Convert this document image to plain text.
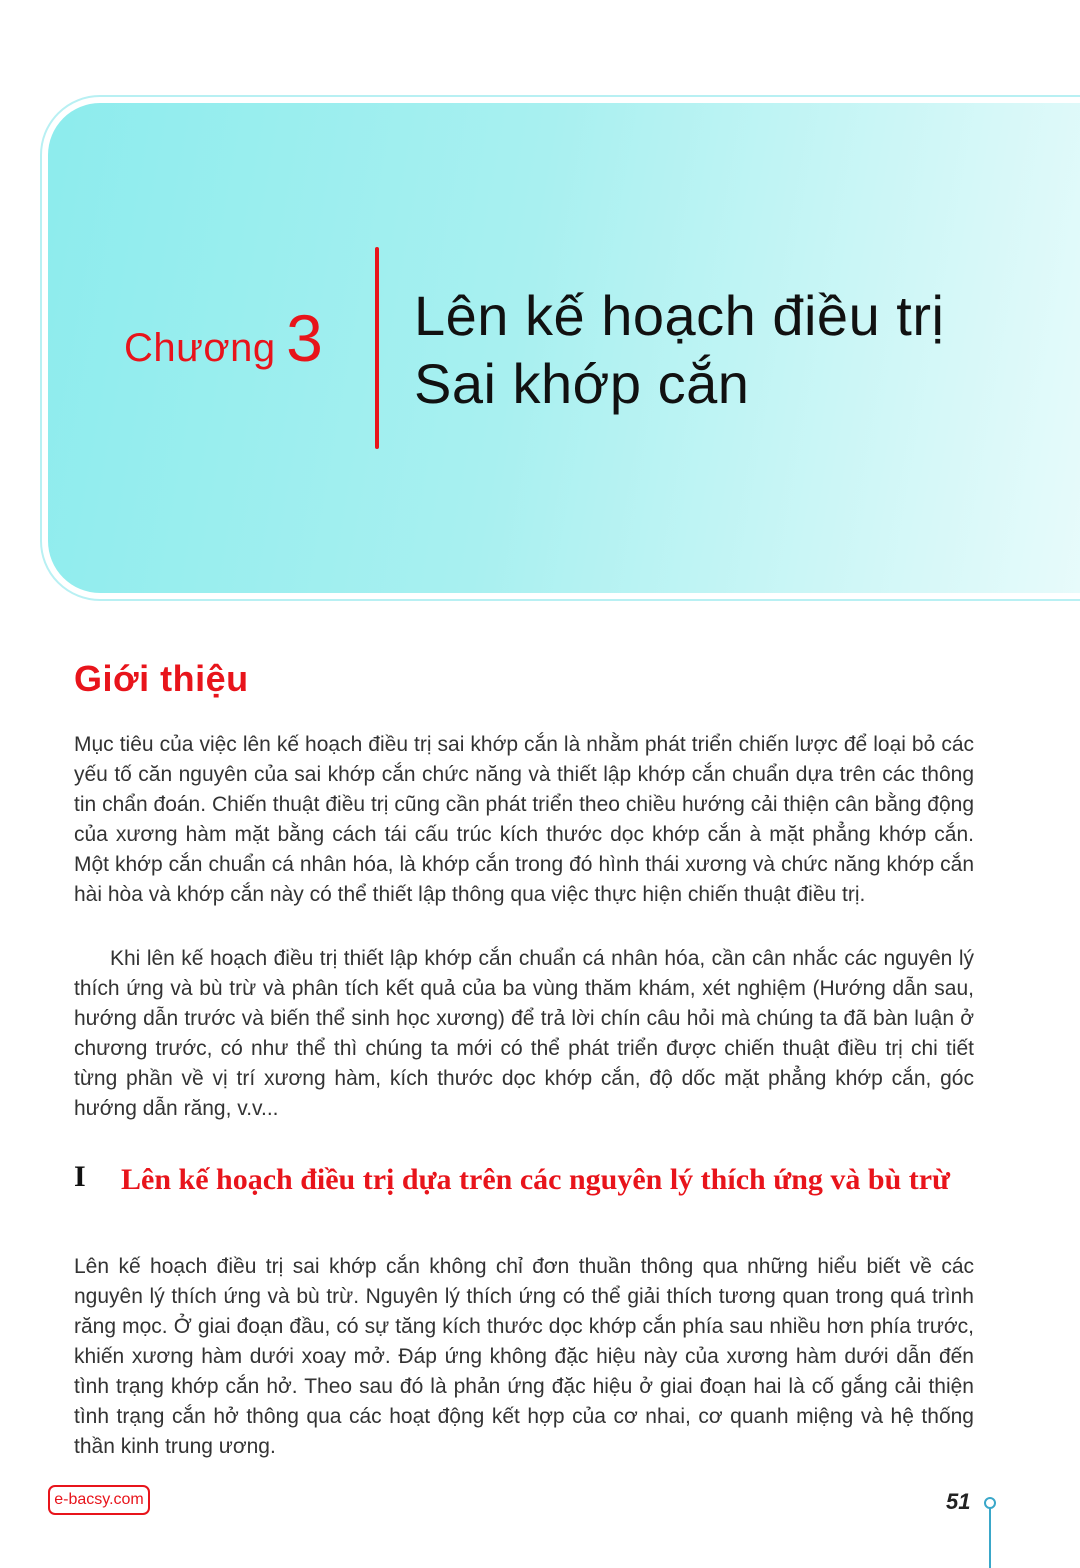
Chương 3 Lên kế hoạch điều trị Sai khớp cắn
Giới thiệu

Mục tiêu của việc lên kế hoạch điều trị sai khớp cắn là nhằm phát triển chiến lược để loại bỏ các yếu tố căn nguyên của sai khớp cắn chức năng và thiết lập khớp cắn chuẩn dựa trên các thông tin chẩn đoán. Chiến thuật điều trị cũng cần phát triển theo chiều hướng cải thiện cân bằng động của xương hàm mặt bằng cách tái cấu trúc kích thước dọc khớp cắn à mặt phẳng khớp cắn. Một khớp cắn chuẩn cá nhân hóa, là khớp cắn trong đó hình thái xương và chức năng khớp cắn hài hòa và khớp cắn này có thể thiết lập thông qua việc thực hiện chiến thuật điều trị.

Khi lên kế hoạch điều trị thiết lập khớp cắn chuẩn cá nhân hóa, cần cân nhắc các nguyên lý thích ứng và bù trừ và phân tích kết quả của ba vùng thăm khám, xét nghiệm (Hướng dẫn sau, hướng dẫn trước và biến thể sinh học xương) để trả lời chín câu hỏi mà chúng ta đã bàn luận ở chương trước, có như thể thì chúng ta mới có thể phát triển được chiến thuật điều trị chi tiết từng phần về vị trí xương hàm, kích thước dọc khớp cắn, độ dốc mặt phẳng khớp cắn, góc hướng dẫn răng, v.v...

I Lên kế hoạch điều trị dựa trên các nguyên lý thích ứng và bù trừ

Lên kế hoạch điều trị sai khớp cắn không chỉ đơn thuần thông qua những hiểu biết về các nguyên lý thích ứng và bù trừ. Nguyên lý thích ứng có thể giải thích tương quan trong quá trình răng mọc. Ở giai đoạn đầu, có sự tăng kích thước dọc khớp cắn phía sau nhiều hơn phía trước, khiến xương hàm dưới xoay mở. Đáp ứng không đặc hiệu này của xương hàm dưới dẫn đến tình trạng khớp cắn hở. Theo sau đó là phản ứng đặc hiệu ở giai đoạn hai là cố gắng cải thiện tình trạng cắn hở thông qua các hoạt động kết hợp của cơ nhai, cơ quanh miệng và hệ thống thần kinh trung ương.

e-bacsy.com	51
